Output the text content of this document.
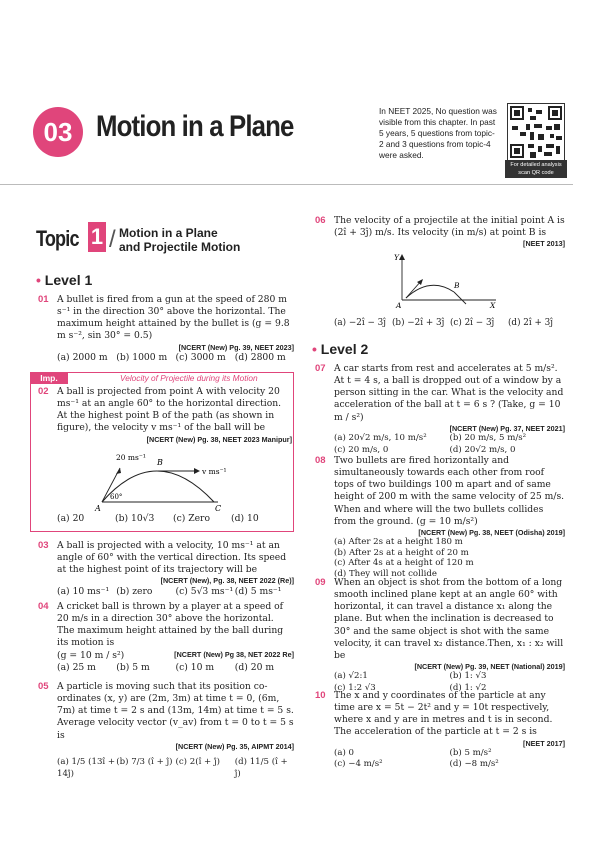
03 Motion in a Plane	In NEET 2025, No question was visible from this chapter. In past 5 years, 5 questions from topic-2 and 3 questions from topic-4 were asked.
For detailed analysis scan QR code
Topic 1 / Motion in a Plane
and Projectile Motion
• Level 1
01 A bullet is fired from a gun at the speed of 280 m s⁻¹ in the direction 30° above the horizontal. The maximum height attained by the bullet is (g = 9.8 m s⁻², sin 30° = 0.5)
[NCERT (New) Pg. 39, NEET 2023]
(a) 2000 m (b) 1000 m (c) 3000 m (d) 2800 m
Imp.	Velocity of Projectile during its Motion
02 A ball is projected from point A with velocity 20 ms⁻¹ at an angle 60° to the horizontal direction. At the highest point B of the path (as shown in figure), the velocity v ms⁻¹ of the ball will be
[NCERT (New) Pg. 38, NEET 2023 Manipur]
20 ms⁻¹
B
v ms⁻¹
60°
A	C
(a) 20	(b) 10√3	(c) Zero	(d) 10
03 A ball is projected with a velocity, 10 ms⁻¹ at an angle of 60° with the vertical direction. Its speed at the highest point of its trajectory will be
[NCERT (New), Pg. 38, NEET 2022 (Re)]
(a) 10 ms⁻¹ (b) zero	(c) 5√3 ms⁻¹ (d) 5 ms⁻¹
04 A cricket ball is thrown by a player at a speed of 20 m/s in a direction 30° above the horizontal. The maximum height attained by the ball during its motion is
(g = 10 m / s²)	[NCERT (New) Pg 38, NET 2022 Re]
(a) 25 m	(b) 5 m	(c) 10 m	(d) 20 m
05 A particle is moving such that its position co-ordinates (x, y) are (2m, 3m) at time t = 0, (6m, 7m) at time t = 2 s and (13m, 14m) at time t = 5 s. Average velocity vector (v_av) from t = 0 to t = 5 s is
[NCERT (New) Pg. 35, AIPMT 2014]
(a) 1/5 (13î + 14ĵ)
(b) 7/3 (î + ĵ) (c) 2(î + ĵ)	(d) 11/5 (î + ĵ)
06 The velocity of a projectile at the initial point A is (2î + 3ĵ) m/s. Its velocity (in m/s) at point B is
[NEET 2013]
Y
A
B
X
(a) −2î − 3ĵ (b) −2î + 3ĵ (c) 2î − 3ĵ	(d) 2î + 3ĵ
• Level 2
07 A car starts from rest and accelerates at 5 m/s². At t = 4 s, a ball is dropped out of a window by a person sitting in the car. What is the velocity and acceleration of the ball at t = 6 s ? (Take, g = 10 m / s²)
[NCERT (New) Pg. 37, NEET 2021]
(a) 20√2 m/s, 10 m/s²	(b) 20 m/s, 5 m/s²
(c) 20 m/s, 0	(d) 20√2 m/s, 0
08 Two bullets are fired horizontally and simultaneously towards each other from roof tops of two buildings 100 m apart and of same height of 200 m with the same velocity of 25 m/s. When and where will the two bullets collides from the ground. (g = 10 m/s²)
[NCERT (New) Pg. 38, NEET (Odisha) 2019]
(a) After 2s at a height 180 m
(b) After 2s at a height of 20 m
(c) After 4s at a height of 120 m
(d) They will not collide
09 When an object is shot from the bottom of a long smooth inclined plane kept at an angle 60° with horizontal, it can travel a distance x₁ along the plane. But when the inclination is decreased to 30° and the same object is shot with the same velocity, it can travel x₂ distance.Then, x₁ : x₂ will be
[NCERT (New) Pg. 39, NEET (National) 2019]
(a) √2:1	(b) 1: √3
(c) 1:2 √3	(d) 1: √2
10 The x and y coordinates of the particle at any time are x = 5t − 2t² and y = 10t respectively, where x and y are in metres and t is in second. The acceleration of the particle at t = 2 s is
[NEET 2017]
(a) 0	(b) 5 m/s²
(c) −4 m/s²	(d) −8 m/s²
